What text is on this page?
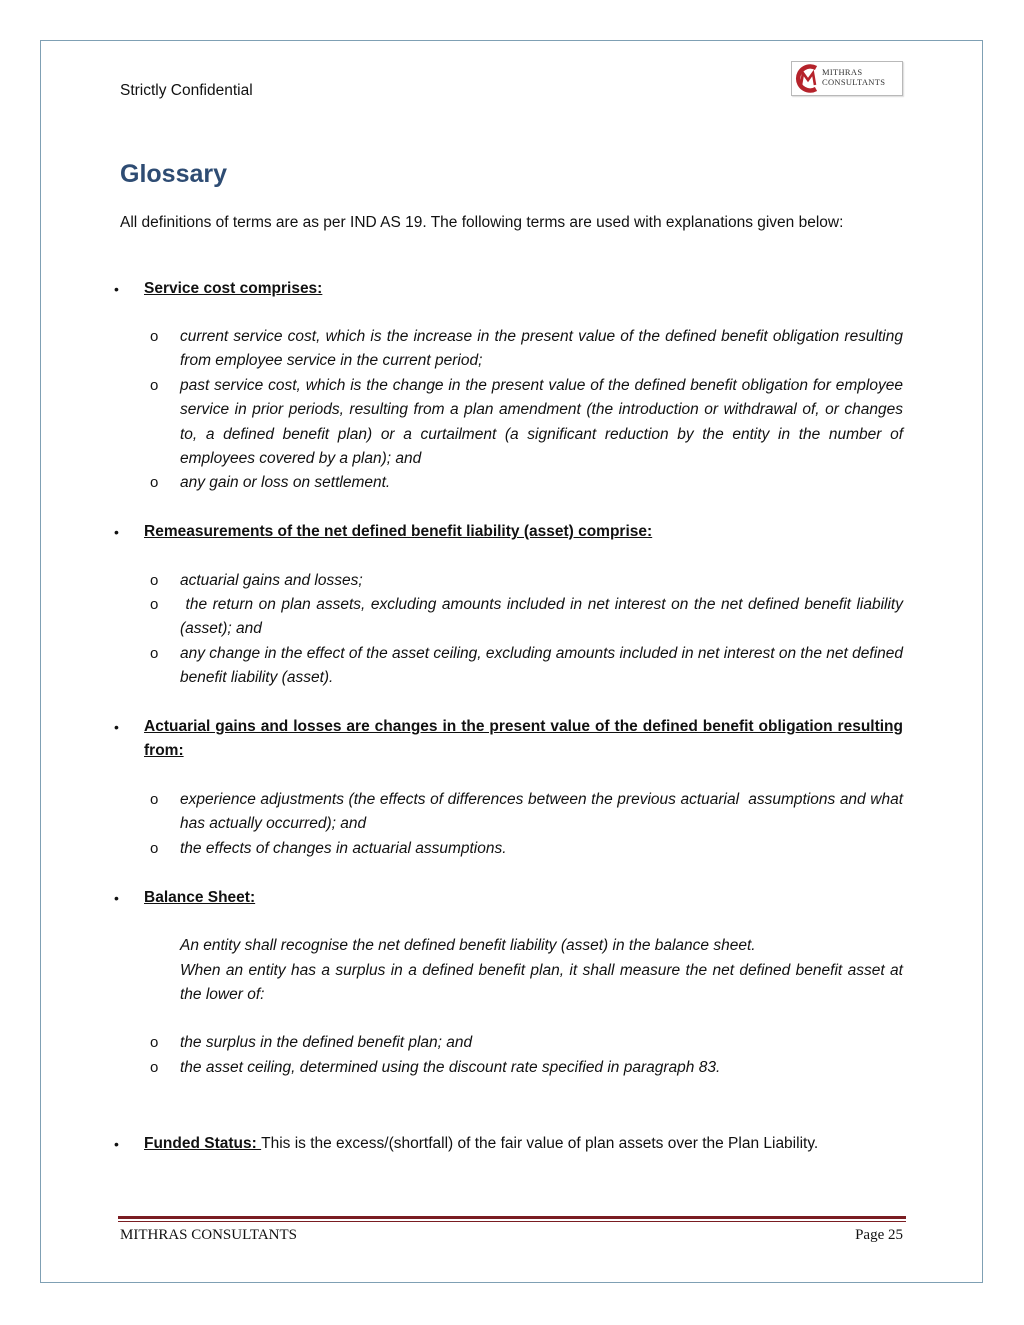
Strictly Confidential
MITHRAS
CONSULTANTS
Glossary
All definitions of terms are as per IND AS 19. The following terms are used with explanations given below:
•	Service cost comprises:
o current service cost, which is the increase in the present value of the defined benefit obligation resulting from employee service in the current period;
o past service cost, which is the change in the present value of the defined benefit obligation for employee service in prior periods, resulting from a plan amendment (the introduction or withdrawal of, or changes to, a defined benefit plan) or a curtailment (a significant reduction by the entity in the number of employees covered by a plan); and
o any gain or loss on settlement.
•	Remeasurements of the net defined benefit liability (asset) comprise:
o actuarial gains and losses;
o the return on plan assets, excluding amounts included in net interest on the net defined benefit liability (asset); and
o any change in the effect of the asset ceiling, excluding amounts included in net interest on the net defined benefit liability (asset).
•	Actuarial gains and losses are changes in the present value of the defined benefit obligation resulting from:
o experience adjustments (the effects of differences between the previous actuarial  assumptions and what has actually occurred); and
o the effects of changes in actuarial assumptions.
•	Balance Sheet:
An entity shall recognise the net defined benefit liability (asset) in the balance sheet.
When an entity has a surplus in a defined benefit plan, it shall measure the net defined benefit asset at the lower of:
o the surplus in the defined benefit plan; and
o the asset ceiling, determined using the discount rate specified in paragraph 83.
•	Funded Status: This is the excess/(shortfall) of the fair value of plan assets over the Plan Liability.
MITHRAS CONSULTANTS	Page 25
